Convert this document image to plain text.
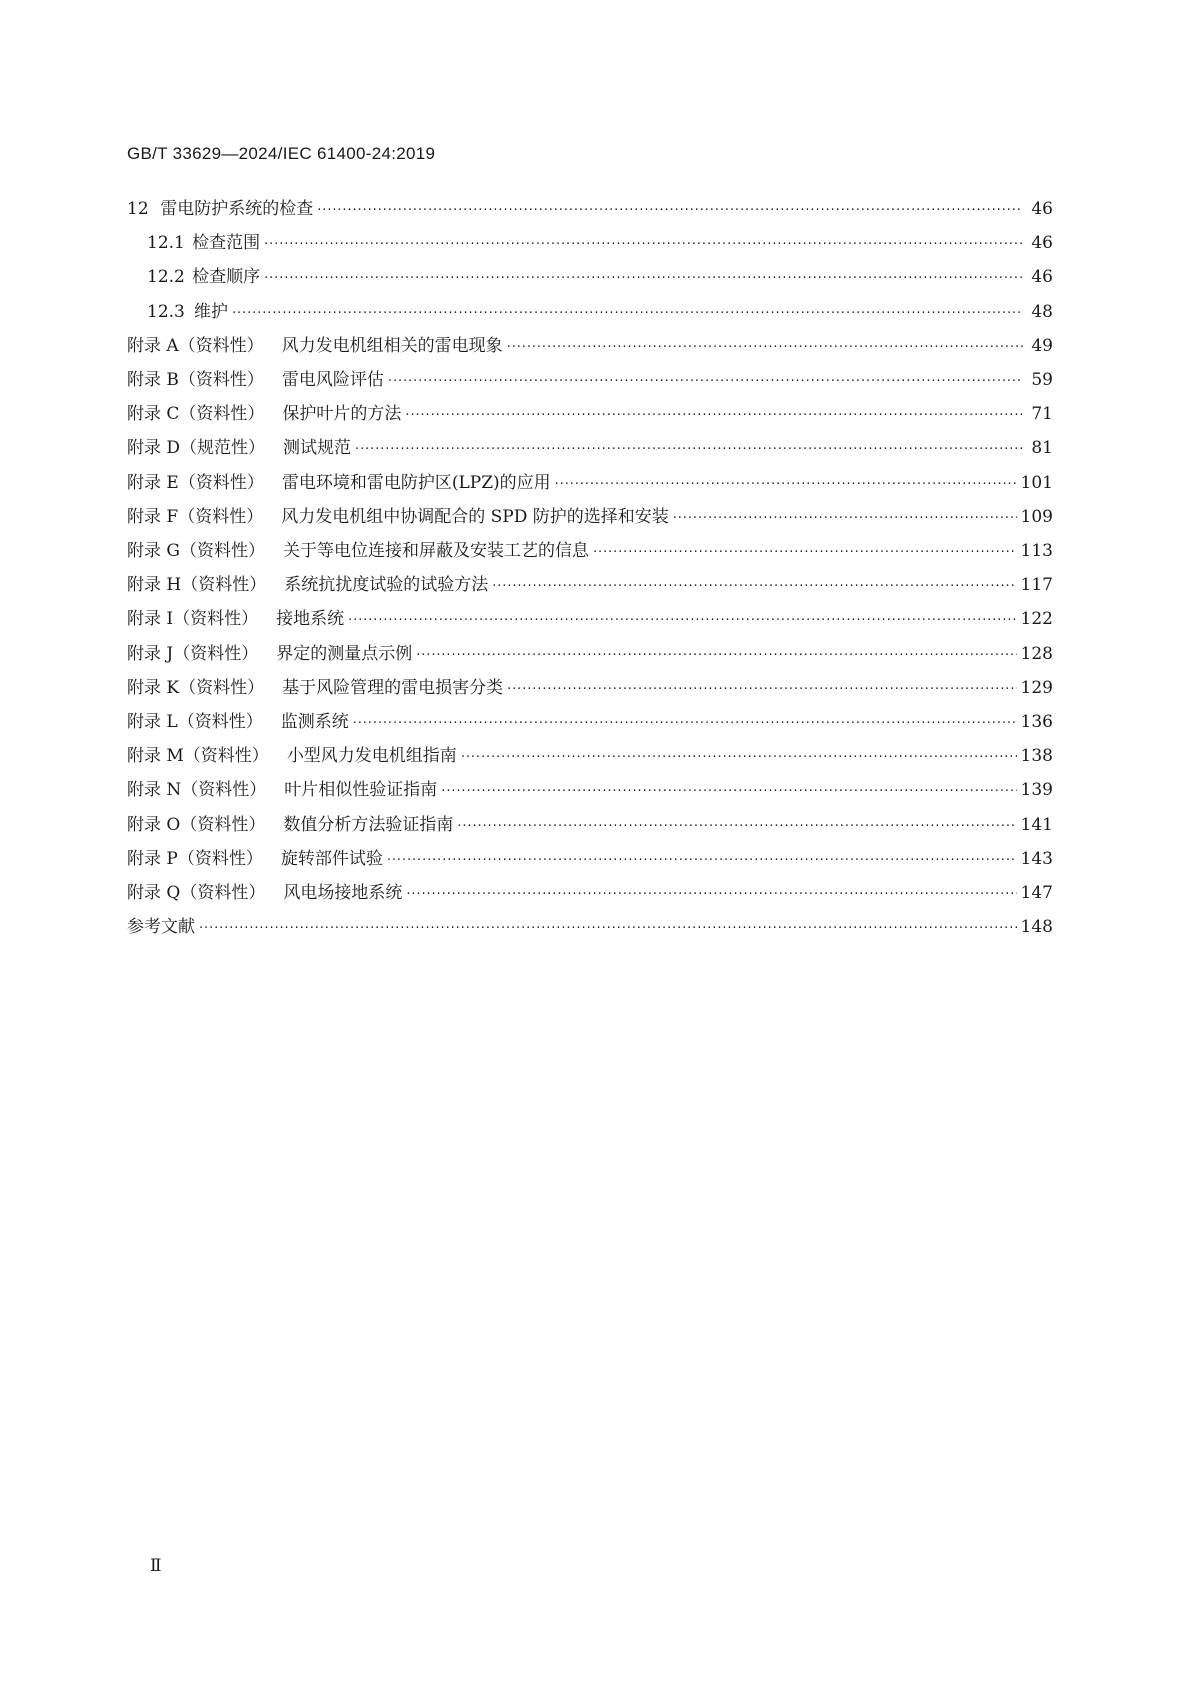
GB/T 33629—2024/IEC 61400-24:2019
12 雷电防护系统的检查 ·····	46
12.1 检查范围 ·····	46
12.2 检查顺序 ·····	46
12.3 维护 ·····	48
附录 A（资料性） 风力发电机组相关的雷电现象 ·····	49
附录 B（资料性） 雷电风险评估 ·····	59
附录 C（资料性） 保护叶片的方法 ·····	71
附录 D（规范性） 测试规范 ·····	81
附录 E（资料性） 雷电环境和雷电防护区(LPZ)的应用 ·····	101
附录 F（资料性） 风力发电机组中协调配合的 SPD 防护的选择和安装 ·····	109
附录 G（资料性） 关于等电位连接和屏蔽及安装工艺的信息 ·····	113
附录 H（资料性） 系统抗扰度试验的试验方法 ·····	117
附录 I（资料性） 接地系统 ·····	122
附录 J（资料性） 界定的测量点示例 ·····	128
附录 K（资料性） 基于风险管理的雷电损害分类 ·····	129
附录 L（资料性） 监测系统 ·····	136
附录 M（资料性） 小型风力发电机组指南 ·····	138
附录 N（资料性） 叶片相似性验证指南 ·····	139
附录 O（资料性） 数值分析方法验证指南 ·····	141
附录 P（资料性） 旋转部件试验 ·····	143
附录 Q（资料性） 风电场接地系统 ·····	147
参考文献 ·····	148
Ⅱ
